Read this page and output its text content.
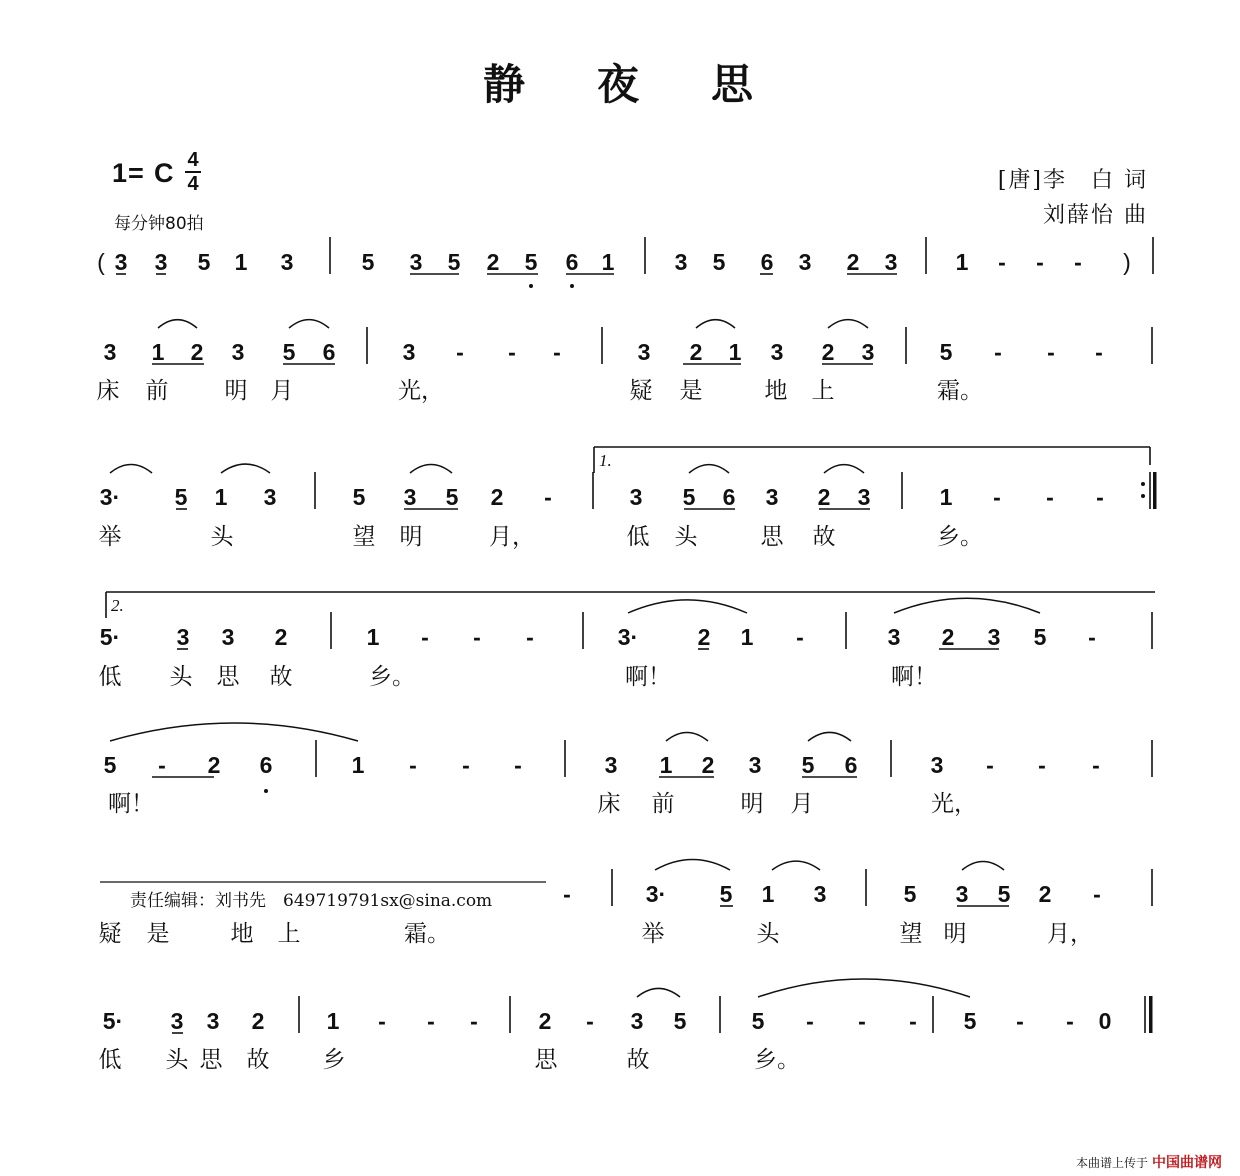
静 夜 思
1 = C 4
4
每分钟80拍
[唐]李　白 词
刘薛怡 曲
责任编辑：刘书先　649719791sx@sina.com
本曲谱上传于 中国曲谱网
1.
2.
( 3 3 5 1 3	5 3 5 2 5 6 1	3 5 6 3 2 3	1 - - - )
3 1 2 3 5 6	3 - - -	3 2 1 3 2 3	5 - - -
床 前 明 月	光，	疑 是	地 上	霜。
3· 5 1 3	5 3 5 2 -	3 5 6 3 2 3	1 - - -
举	头	望 明	月，	低 头	思 故	乡。
5· 3 3 2	1 - - -	3·	2 1 -	3 2 3 5 -
低 头 思 故	乡。	啊！	啊！
5 - 2 6	1 - - -	3 1 2 3 5 6	3 - - -
啊！	床 前	明 月	光，
-	3· 5 1 3	5 3 5 2 -
疑 是	地 上	霜。	举	头	望 明	月，
5· 3 3 2	1 - - -	2 - 3 5	5 - - - 5 - - 0
低 头 思 故 乡	思	故	乡。
